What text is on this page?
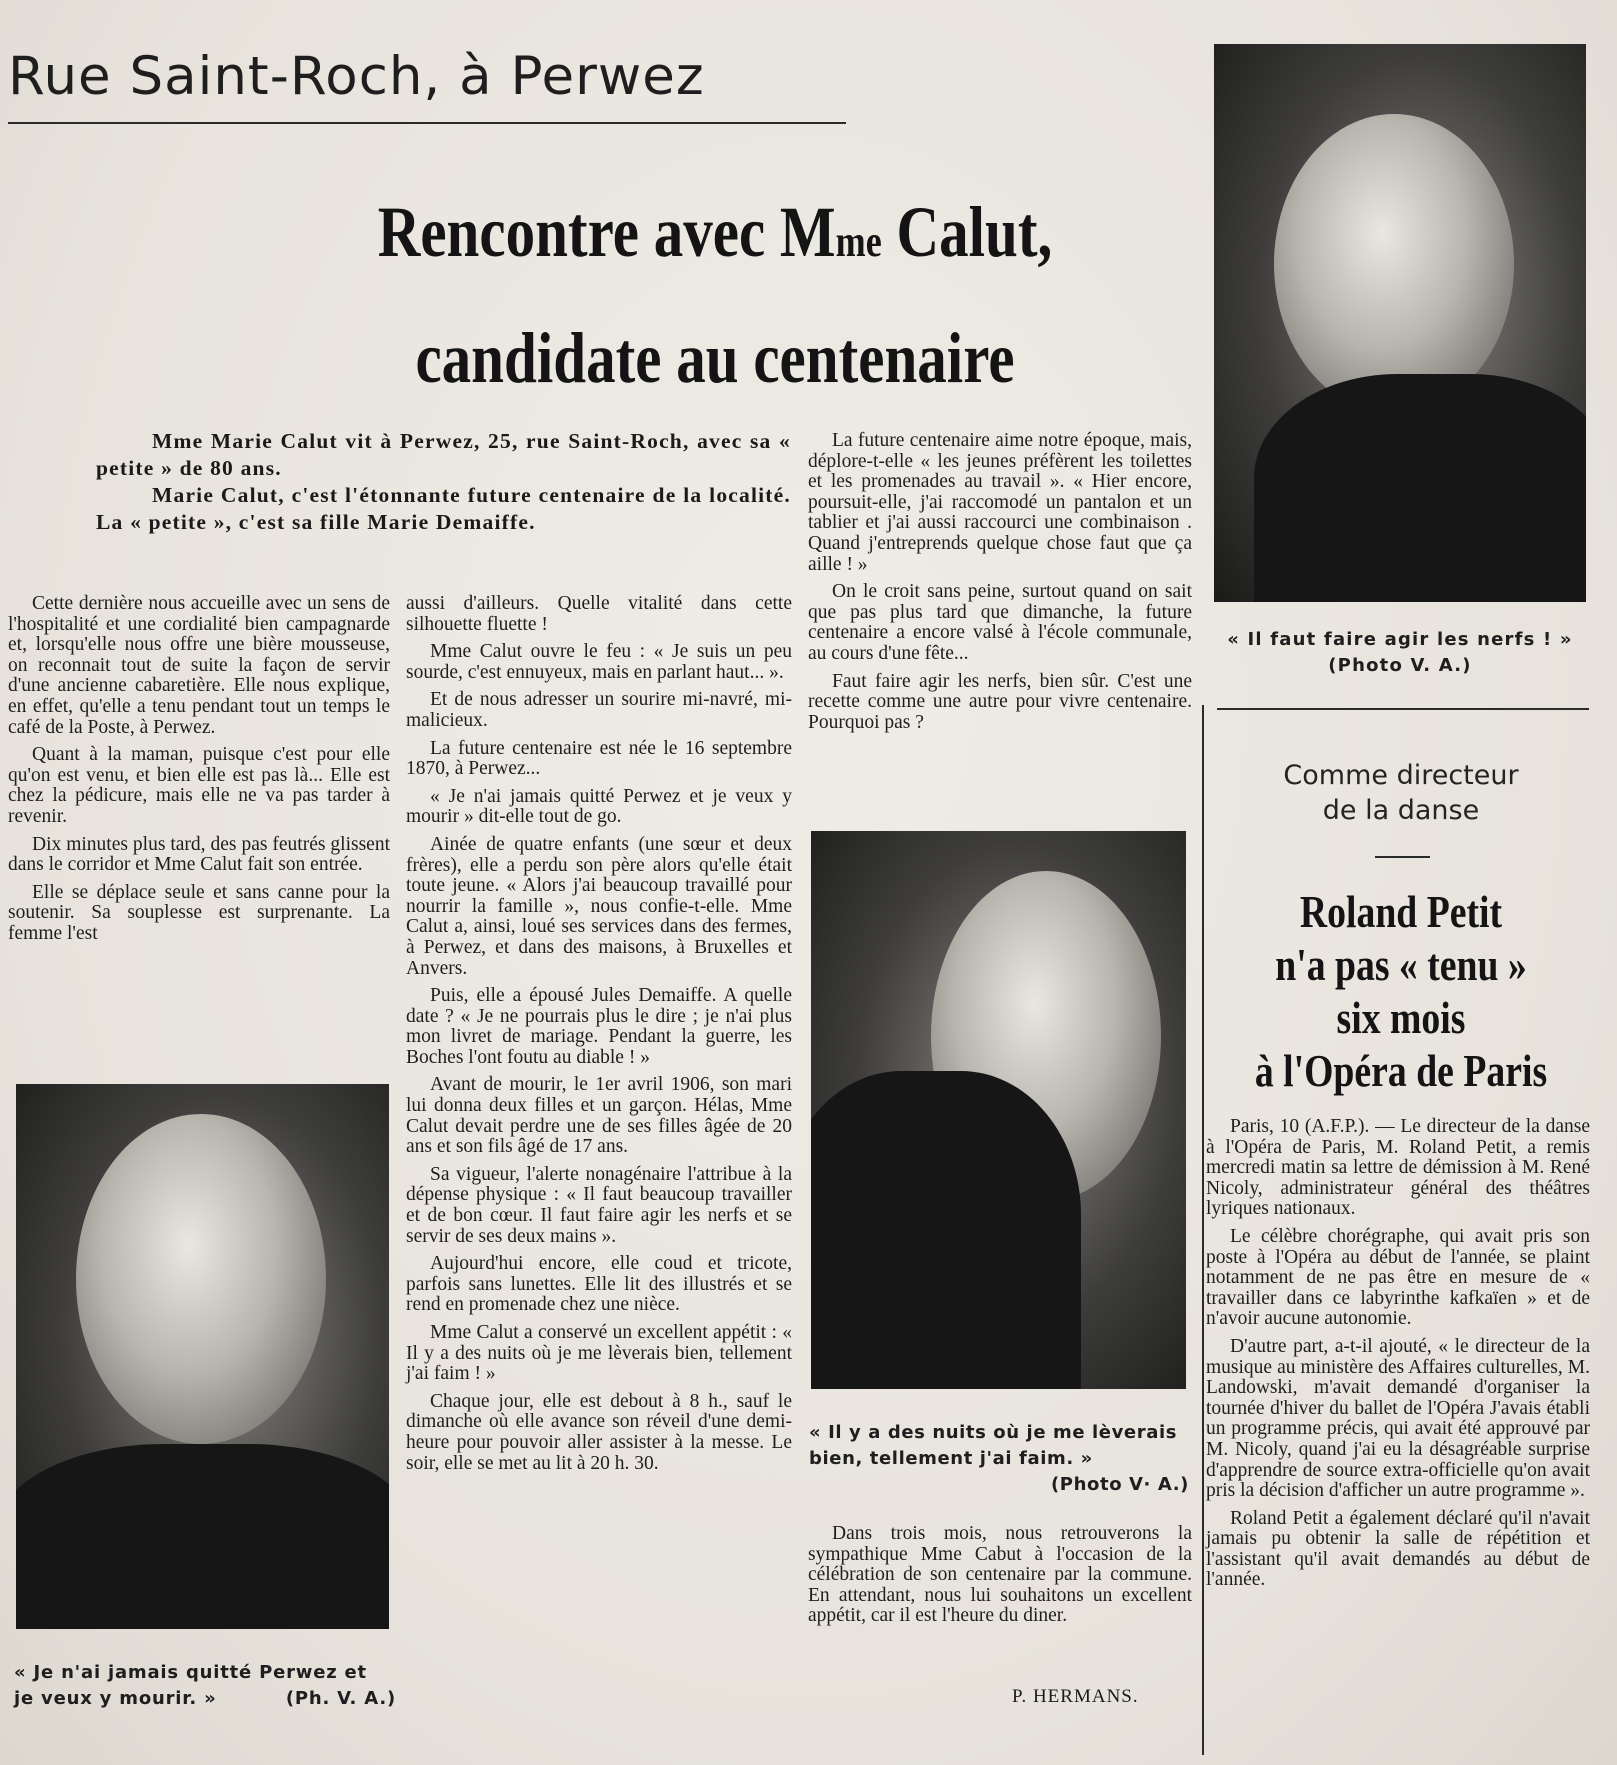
Rue Saint-Roch, à Perwez
Rencontre avec Mme Calut,
candidate au centenaire

Mme Marie Calut vit à Perwez, 25, rue Saint-Roch, avec sa « petite » de 80 ans.

Marie Calut, c'est l'étonnante future centenaire de la localité. La « petite », c'est sa fille Marie Demaiffe.

Cette dernière nous accueille avec un sens de l'hospitalité et une cordialité bien campagnarde et, lorsqu'elle nous offre une bière mousseuse, on reconnait tout de suite la façon de servir d'une ancienne cabaretière. Elle nous explique, en effet, qu'elle a tenu pendant tout un temps le café de la Poste, à Perwez.

Quant à la maman, puisque c'est pour elle qu'on est venu, et bien elle est pas là... Elle est chez la pédicure, mais elle ne va pas tarder à revenir.

Dix minutes plus tard, des pas feutrés glissent dans le corridor et Mme Calut fait son entrée.

Elle se déplace seule et sans canne pour la soutenir. Sa souplesse est surprenante. La femme l'est

« Je n'ai jamais quitté Perwez et
je veux y mourir. »	(Ph. V. A.)

aussi d'ailleurs. Quelle vitalité dans cette silhouette fluette !

Mme Calut ouvre le feu : « Je suis un peu sourde, c'est ennuyeux, mais en parlant haut... ».

Et de nous adresser un sourire mi-navré, mi-malicieux.

La future centenaire est née le 16 septembre 1870, à Perwez...

« Je n'ai jamais quitté Perwez et je veux y mourir » dit-elle tout de go.

Ainée de quatre enfants (une sœur et deux frères), elle a perdu son père alors qu'elle était toute jeune. « Alors j'ai beaucoup travaillé pour nourrir la famille », nous confie-t-elle. Mme Calut a, ainsi, loué ses services dans des fermes, à Perwez, et dans des maisons, à Bruxelles et Anvers.

Puis, elle a épousé Jules Demaiffe. A quelle date ? « Je ne pourrais plus le dire ; je n'ai plus mon livret de mariage. Pendant la guerre, les Boches l'ont foutu au diable ! »

Avant de mourir, le 1er avril 1906, son mari lui donna deux filles et un garçon. Hélas, Mme Calut devait perdre une de ses filles âgée de 20 ans et son fils âgé de 17 ans.

Sa vigueur, l'alerte nonagénaire l'attribue à la dépense physique : « Il faut beaucoup travailler et de bon cœur. Il faut faire agir les nerfs et se servir de ses deux mains ».

Aujourd'hui encore, elle coud et tricote, parfois sans lunettes. Elle lit des illustrés et se rend en promenade chez une nièce.

Mme Calut a conservé un excellent appétit : « Il y a des nuits où je me lèverais bien, tellement j'ai faim ! »

Chaque jour, elle est debout à 8 h., sauf le dimanche où elle avance son réveil d'une demi-heure pour pouvoir aller assister à la messe. Le soir, elle se met au lit à 20 h. 30.

La future centenaire aime notre époque, mais, déplore-t-elle « les jeunes préfèrent les toilettes et les promenades au travail ». « Hier encore, poursuit-elle, j'ai raccomodé un pantalon et un tablier et j'ai aussi raccourci une combinaison . Quand j'entreprends quelque chose faut que ça aille ! »

On le croit sans peine, surtout quand on sait que pas plus tard que dimanche, la future centenaire a encore valsé à l'école communale, au cours d'une fête...

Faut faire agir les nerfs, bien sûr. C'est une recette comme une autre pour vivre centenaire. Pourquoi pas ?

« Il y a des nuits où je me lèverais bien, tellement j'ai faim. »
(Photo V· A.)

Dans trois mois, nous retrouverons la sympathique Mme Cabut à l'occasion de la célébration de son centenaire par la commune. En attendant, nous lui souhaitons un excellent appétit, car il est l'heure du diner.

P. HERMANS.
« Il faut faire agir les nerfs ! »
(Photo V. A.)
Comme directeur
de la danse
Roland Petit
n'a pas « tenu »
six mois
à l'Opéra de Paris

Paris, 10 (A.F.P.). — Le directeur de la danse à l'Opéra de Paris, M. Roland Petit, a remis mercredi matin sa lettre de démission à M. René Nicoly, administrateur général des théâtres lyriques nationaux.

Le célèbre chorégraphe, qui avait pris son poste à l'Opéra au début de l'année, se plaint notamment de ne pas être en mesure de « travailler dans ce labyrinthe kafkaïen » et de n'avoir aucune autonomie.

D'autre part, a-t-il ajouté, « le directeur de la musique au ministère des Affaires culturelles, M. Landowski, m'avait demandé d'organiser la tournée d'hiver du ballet de l'Opéra J'avais établi un programme précis, qui avait été approuvé par M. Nicoly, quand j'ai eu la désagréable surprise d'apprendre de source extra-officielle qu'on avait pris la décision d'afficher un autre programme ».

Roland Petit a également déclaré qu'il n'avait jamais pu obtenir la salle de répétition et l'assistant qu'il avait demandés au début de l'année.
